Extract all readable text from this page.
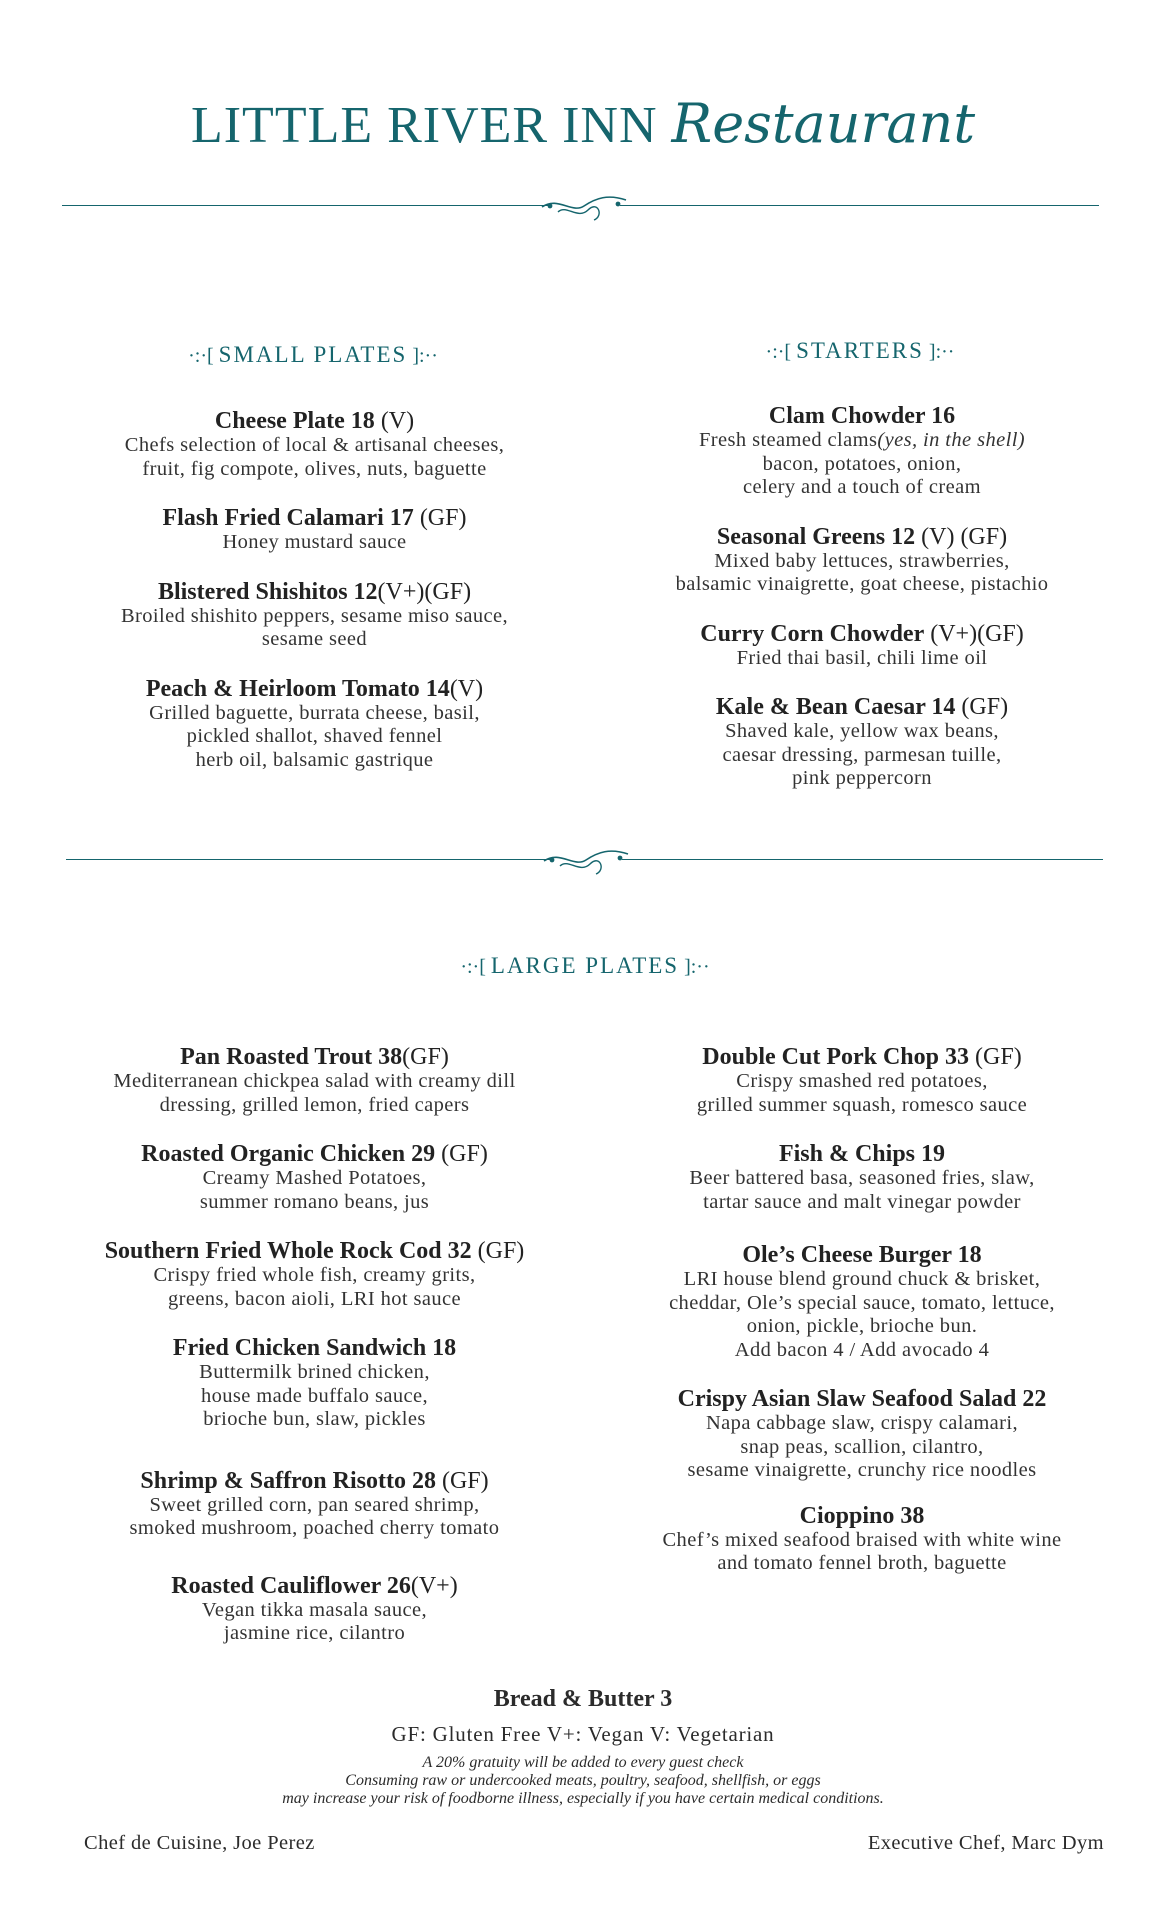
LITTLE RIVER INN Restaurant
·:·[ SMALL PLATES ]:··	·:·[ STARTERS ]:··
Cheese Plate 18 (V)
Chefs selection of local & artisanal cheeses,
fruit, fig compote, olives, nuts, baguette
Flash Fried Calamari 17 (GF)
Honey mustard sauce
Blistered Shishitos 12(V+)(GF)
Broiled shishito peppers, sesame miso sauce,
sesame seed
Peach & Heirloom Tomato 14(V)
Grilled baguette, burrata cheese, basil,
pickled shallot, shaved fennel
herb oil, balsamic gastrique
Clam Chowder 16
Fresh steamed clams(yes, in the shell)
bacon, potatoes, onion,
celery and a touch of cream
Seasonal Greens 12 (V) (GF)
Mixed baby lettuces, strawberries,
balsamic vinaigrette, goat cheese, pistachio
Curry Corn Chowder (V+)(GF)
Fried thai basil, chili lime oil
Kale & Bean Caesar 14 (GF)
Shaved kale, yellow wax beans,
caesar dressing, parmesan tuille,
pink peppercorn
·:·[ LARGE PLATES ]:··
Pan Roasted Trout 38(GF)
Mediterranean chickpea salad with creamy dill
dressing, grilled lemon, fried capers
Roasted Organic Chicken 29 (GF)
Creamy Mashed Potatoes,
summer romano beans, jus
Southern Fried Whole Rock Cod 32 (GF)
Crispy fried whole fish, creamy grits,
greens, bacon aioli, LRI hot sauce
Fried Chicken Sandwich 18
Buttermilk brined chicken,
house made buffalo sauce,
brioche bun, slaw, pickles
Shrimp & Saffron Risotto 28 (GF)
Sweet grilled corn, pan seared shrimp,
smoked mushroom, poached cherry tomato
Roasted Cauliflower 26(V+)
Vegan tikka masala sauce,
jasmine rice, cilantro
Double Cut Pork Chop 33 (GF)
Crispy smashed red potatoes,
grilled summer squash, romesco sauce
Fish & Chips 19
Beer battered basa, seasoned fries, slaw,
tartar sauce and malt vinegar powder
Ole’s Cheese Burger 18
LRI house blend ground chuck & brisket,
cheddar, Ole’s special sauce, tomato, lettuce,
onion, pickle, brioche bun.
Add bacon 4 / Add avocado 4
Crispy Asian Slaw Seafood Salad 22
Napa cabbage slaw, crispy calamari,
snap peas, scallion, cilantro,
sesame vinaigrette, crunchy rice noodles
Cioppino 38
Chef’s mixed seafood braised with white wine
and tomato fennel broth, baguette
Bread & Butter 3
GF: Gluten Free V+: Vegan V: Vegetarian
A 20% gratuity will be added to every guest check
Consuming raw or undercooked meats, poultry, seafood, shellfish, or eggs
may increase your risk of foodborne illness, especially if you have certain medical conditions.
Chef de Cuisine, Joe Perez	Executive Chef, Marc Dym
